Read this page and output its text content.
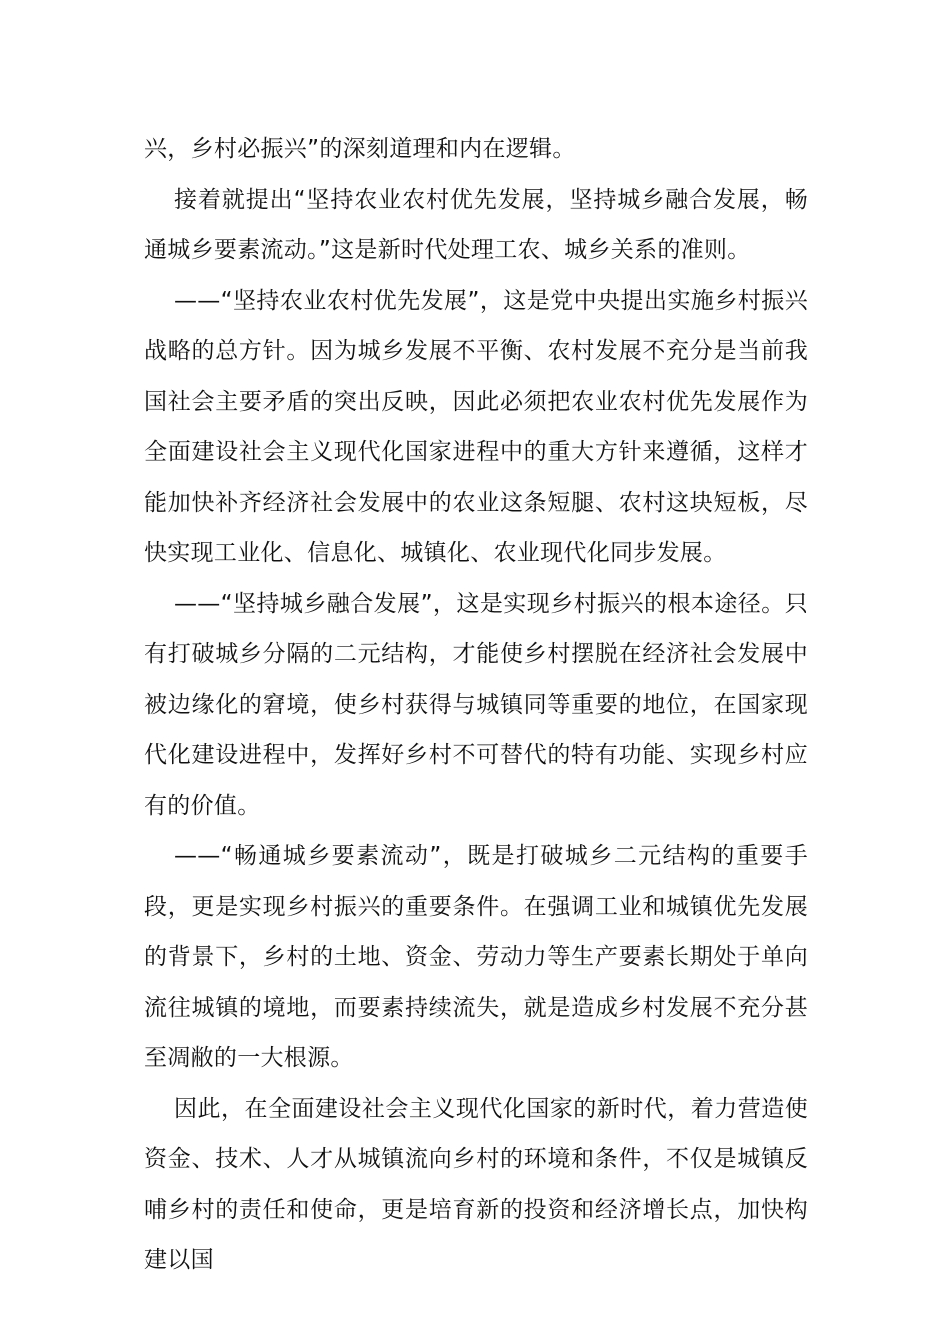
兴，乡村必振兴”的深刻道理和内在逻辑。

接着就提出“坚持农业农村优先发展，坚持城乡融合发展，畅通城乡要素流动。”这是新时代处理工农、城乡关系的准则。

——“坚持农业农村优先发展”，这是党中央提出实施乡村振兴战略的总方针。因为城乡发展不平衡、农村发展不充分是当前我国社会主要矛盾的突出反映，因此必须把农业农村优先发展作为全面建设社会主义现代化国家进程中的重大方针来遵循，这样才能加快补齐经济社会发展中的农业这条短腿、农村这块短板，尽快实现工业化、信息化、城镇化、农业现代化同步发展。

——“坚持城乡融合发展”，这是实现乡村振兴的根本途径。只有打破城乡分隔的二元结构，才能使乡村摆脱在经济社会发展中被边缘化的窘境，使乡村获得与城镇同等重要的地位，在国家现代化建设进程中，发挥好乡村不可替代的特有功能、实现乡村应有的价值。

——“畅通城乡要素流动”，既是打破城乡二元结构的重要手段，更是实现乡村振兴的重要条件。在强调工业和城镇优先发展的背景下，乡村的土地、资金、劳动力等生产要素长期处于单向流往城镇的境地，而要素持续流失，就是造成乡村发展不充分甚至凋敝的一大根源。

因此，在全面建设社会主义现代化国家的新时代，着力营造使资金、技术、人才从城镇流向乡村的环境和条件，不仅是城镇反哺乡村的责任和使命，更是培育新的投资和经济增长点，加快构建以国
